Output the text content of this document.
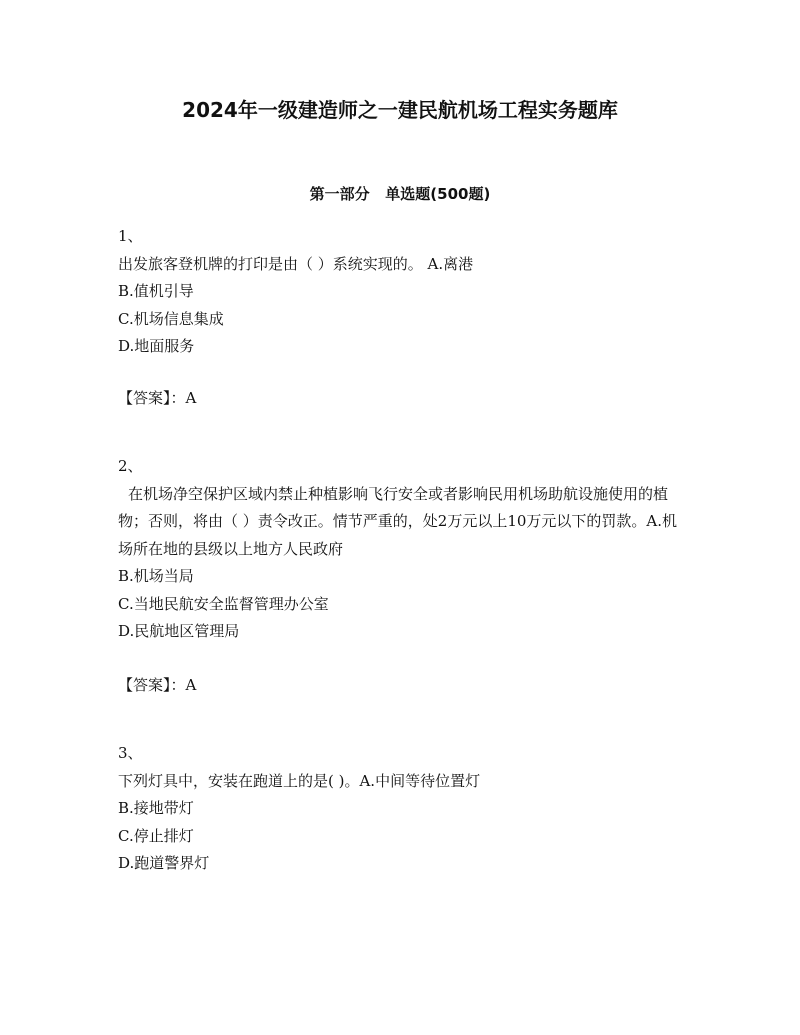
2024年一级建造师之一建民航机场工程实务题库
第一部分   单选题(500题)

1、

出发旅客登机牌的打印是由（ ）系统实现的。 A.离港

B.值机引导

C.机场信息集成

D.地面服务

【答案】：A

2、

在机场净空保护区域内禁止种植影响飞行安全或者影响民用机场助航设施使用的植物；否则，将由（ ）责令改正。情节严重的，处2万元以上10万元以下的罚款。A.机场所在地的县级以上地方人民政府

B.机场当局

C.当地民航安全监督管理办公室

D.民航地区管理局

【答案】：A

3、

下列灯具中，安装在跑道上的是( )。A.中间等待位置灯

B.接地带灯

C.停止排灯

D.跑道警界灯
